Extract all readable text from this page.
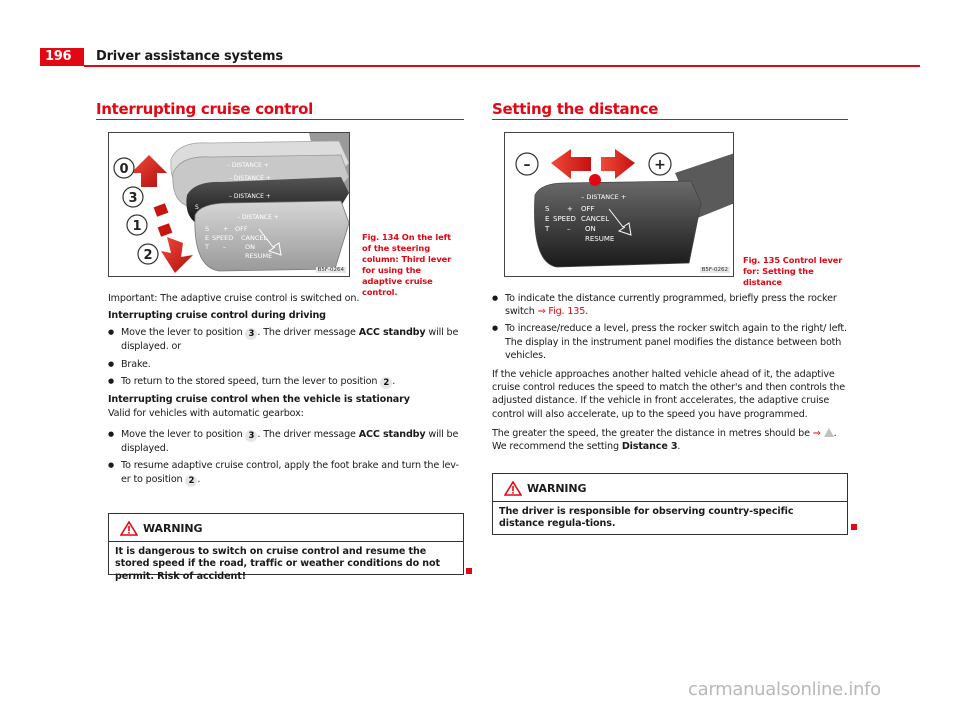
196	Driver assistance systems
Interrupting cruise control
– DISTANCE +
– DISTANCE +
– DISTANCE +
S
– DISTANCE +
S + OFF
E SPEED CANCEL
T –	ON
RESUME
0
3
1
2
B5F-0264
Fig. 134 On the left of the steering column: Third lever for using the adaptive cruise control.

Important: The adaptive cruise control is switched on.

Interrupting cruise control during driving

● Move the lever to position 3 . The driver message ACC standby will be displayed. or

● Brake.

● To return to the stored speed, turn the lever to position 2 .

Interrupting cruise control when the vehicle is stationary

Valid for vehicles with automatic gearbox:

● Move the lever to position 3 . The driver message ACC standby will be displayed.

● To resume adaptive cruise control, apply the foot brake and turn the lev-er to position 2 .

WARNING
It is dangerous to switch on cruise control and resume the stored speed if the road, traffic or weather conditions do not permit. Risk of accident!
Setting the distance
–	+
– DISTANCE +
S	+ OFF
E SPEED CANCEL
T	– ON
RESUME
B5F-0262
Fig. 135 Control lever for: Setting the distance

● To indicate the distance currently programmed, briefly press the rocker switch ⇒ Fig. 135.

● To increase/reduce a level, press the rocker switch again to the right/ left. The display in the instrument panel modifies the distance between both vehicles.

If the vehicle approaches another halted vehicle ahead of it, the adaptive cruise control reduces the speed to match the other's and then controls the adjusted distance. If the vehicle in front accelerates, the adaptive cruise control will also accelerate, up to the speed you have programmed.

The greater the speed, the greater the distance in metres should be ⇒ . We recommend the setting Distance 3.

WARNING
The driver is responsible for observing country-specific distance regula-tions.
carmanualsonline.info
